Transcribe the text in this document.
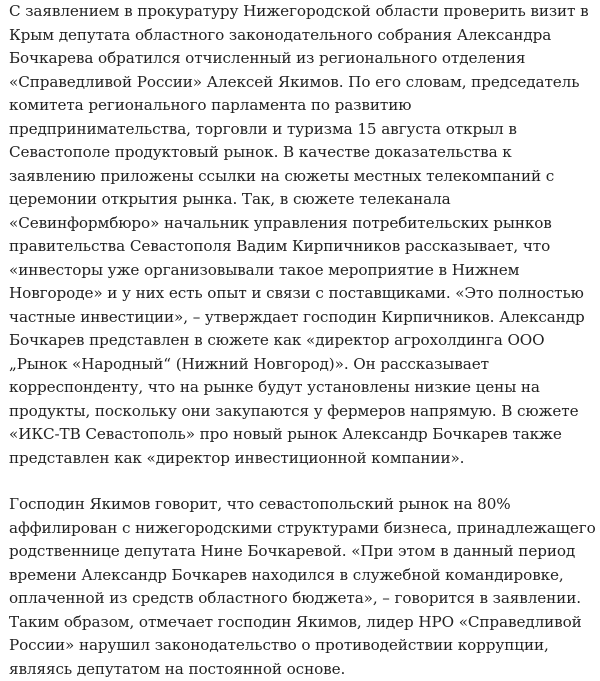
С заявлением в прокуратуру Нижегородской области проверить визит в Крым депутата областного законодательного собрания Александра Бочкарева обратился отчисленный из регионального отделения «Справедливой России» Алексей Якимов. По его словам, председатель комитета регионального парламента по развитию предпринимательства, торговли и туризма 15 августа открыл в Севастополе продуктовый рынок. В качестве доказательства к заявлению приложены ссылки на сюжеты местных телекомпаний с церемонии открытия рынка. Так, в сюжете телеканала «Севинформбюро» начальник управления потребительских рынков правительства Севастополя Вадим Кирпичников рассказывает, что «инвесторы уже организовывали такое мероприятие в Нижнем Новгороде» и у них есть опыт и связи с поставщиками. «Это полностью частные инвестиции», – утверждает господин Кирпичников. Александр Бочкарев представлен в сюжете как «директор агрохолдинга ООО „Рынок «Народный“ (Нижний Новгород)». Он рассказывает корреспонденту, что на рынке будут установлены низкие цены на продукты, поскольку они закупаются у фермеров напрямую. В сюжете «ИКС-ТВ Севастополь» про новый рынок Александр Бочкарев также представлен как «директор инвестиционной компании».

Господин Якимов говорит, что севастопольский рынок на 80% аффилирован с нижегородскими структурами бизнеса, принадлежащего родственнице депутата Нине Бочкаревой. «При этом в данный период времени Александр Бочкарев находился в служебной командировке, оплаченной из средств областного бюджета», – говорится в заявлении. Таким образом, отмечает господин Якимов, лидер НРО «Справедливой России» нарушил законодательство о противодействии коррупции, являясь депутатом на постоянной основе.
